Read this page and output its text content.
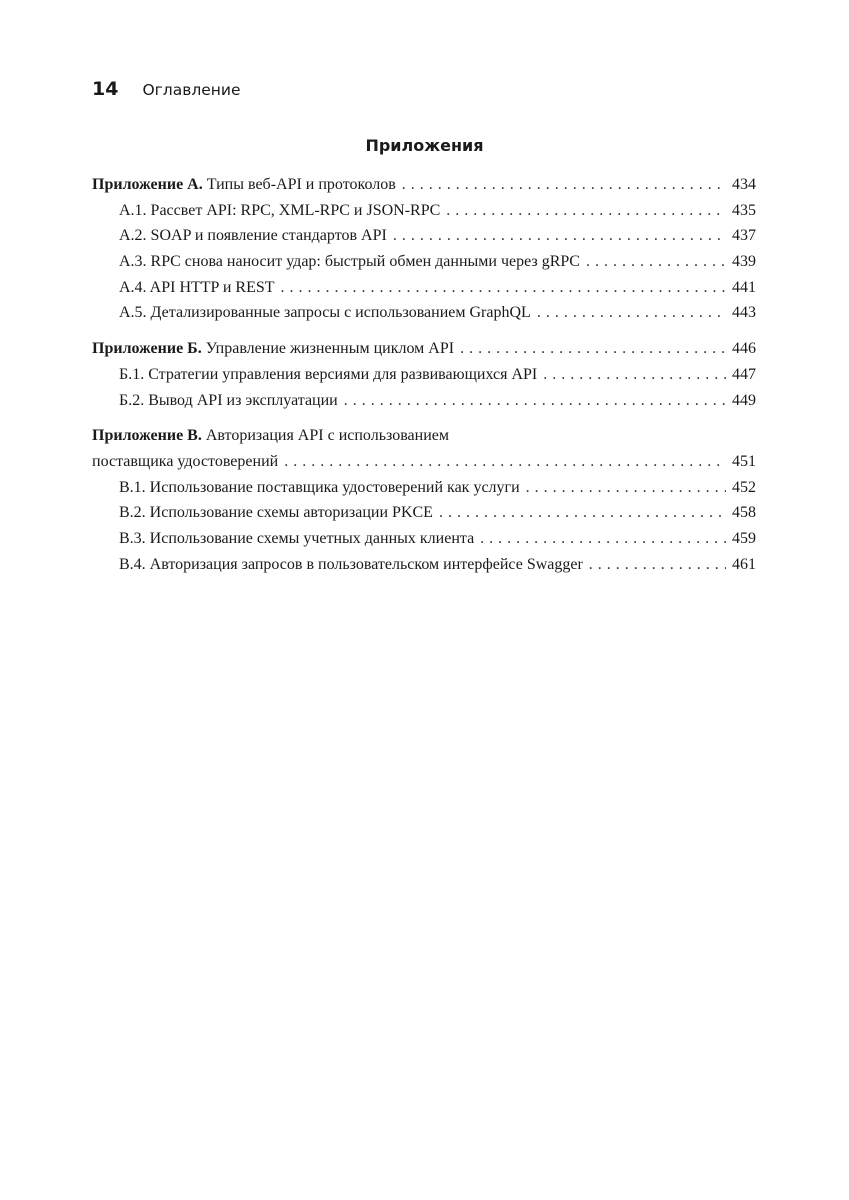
14 Оглавление
Приложения
Приложение А. Типы веб-API и протоколов . . .	434
A.1. Рассвет API: RPC, XML-RPC и JSON-RPC . . .	435
A.2. SOAP и появление стандартов API . . .	437
A.3. RPC снова наносит удар: быстрый обмен данными через gRPC . . .	439
A.4. API HTTP и REST . . .	441
A.5. Детализированные запросы с использованием GraphQL . . .	443
Приложение Б. Управление жизненным циклом API . . .	446
Б.1. Стратегии управления версиями для развивающихся API . . .	447
Б.2. Вывод API из эксплуатации . . .	449
Приложение В. Авторизация API с использованием
поставщика удостоверений . . .	451
В.1. Использование поставщика удостоверений как услуги . . .	452
В.2. Использование схемы авторизации PKCE . . .	458
В.3. Использование схемы учетных данных клиента . . .	459
В.4. Авторизация запросов в пользовательском интерфейсе Swagger . . .	461
